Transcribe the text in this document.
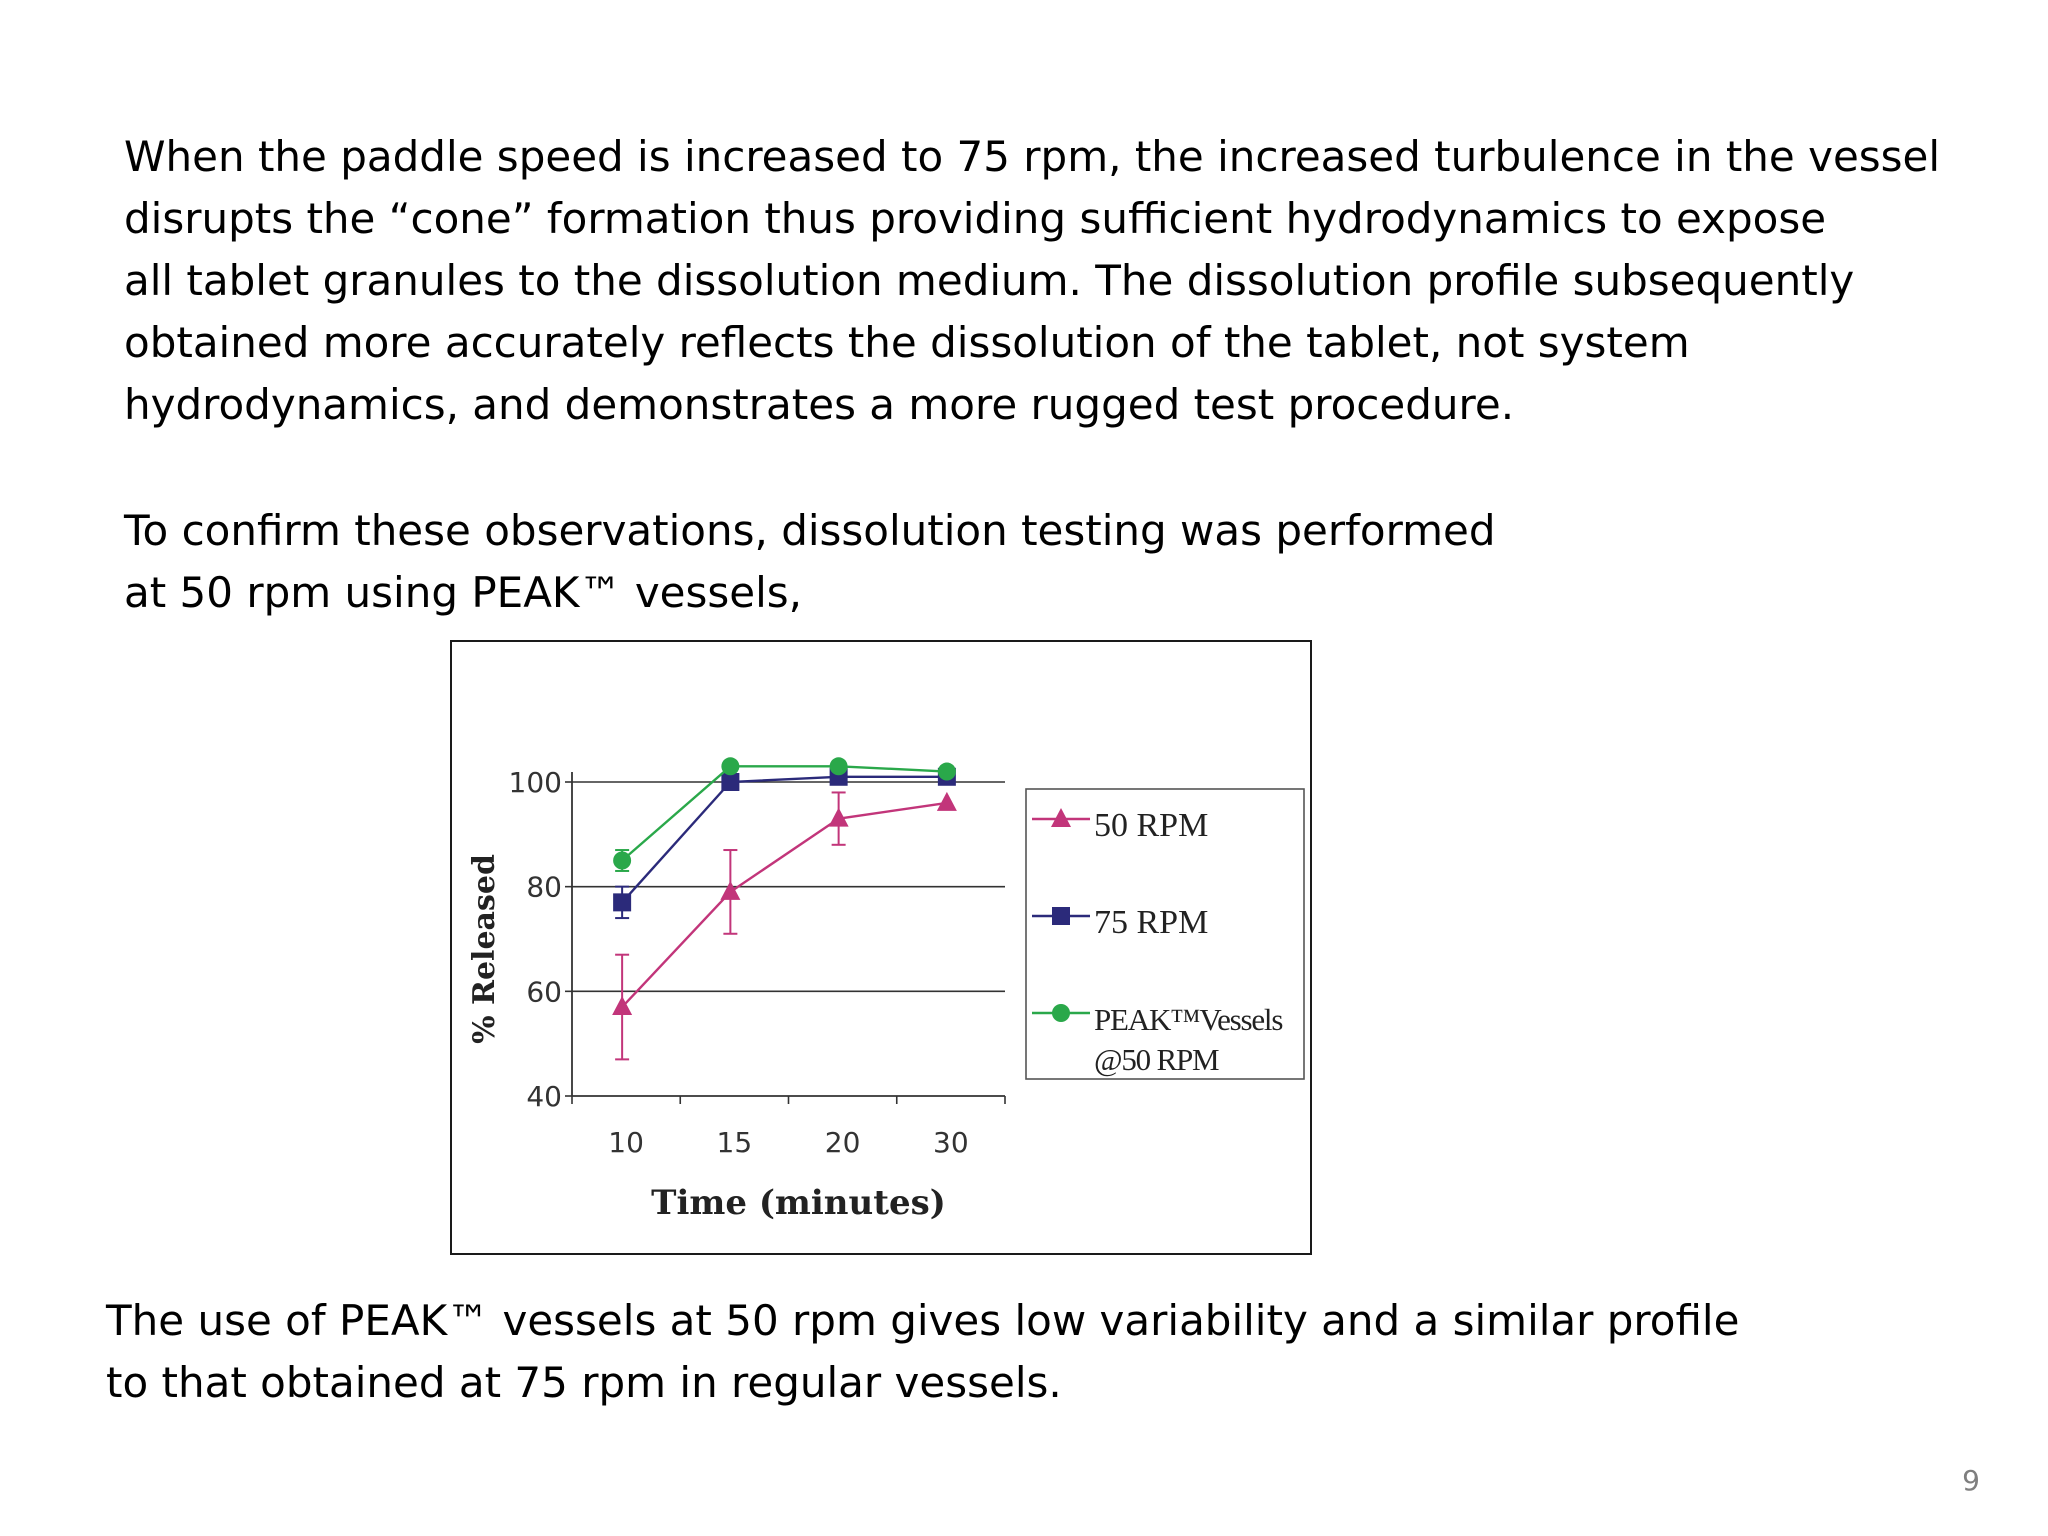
When the paddle speed is increased to 75 rpm, the increased turbulence in the vessel
disrupts the “cone” formation thus providing sufficient hydrodynamics to expose
all tablet granules to the dissolution medium. The dissolution profile subsequently
obtained more accurately reflects the dissolution of the tablet, not system
hydrodynamics, and demonstrates a more rugged test procedure.
To confirm these observations, dissolution testing was performed
at 50 rpm using PEAK™ vessels,
The use of PEAK™ vessels at 50 rpm gives low variability and a similar profile
to that obtained at 75 rpm in regular vessels.
40
60
80
100
10	15	20	30
Time (minutes)
% Released
50 RPM
75 RPM
PEAK™Vessels
@50 RPM
9
